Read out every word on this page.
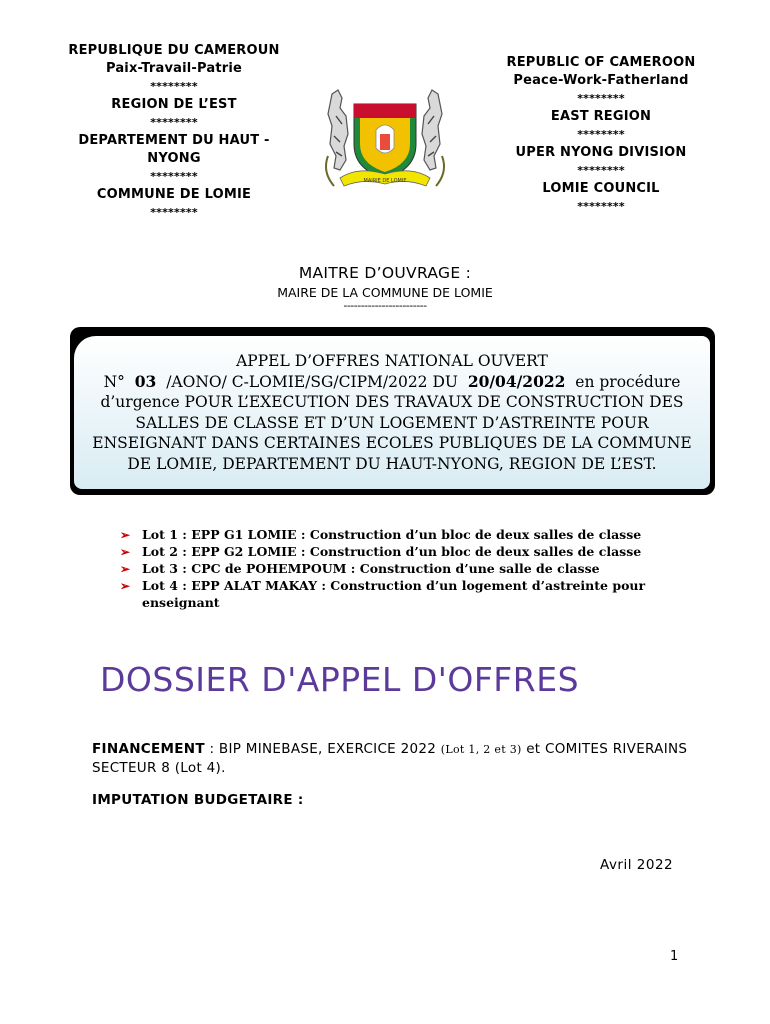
REPUBLIQUE DU CAMEROUN
Paix-Travail-Patrie
********
REGION DE L’EST
********
DEPARTEMENT DU HAUT -
NYONG
********
COMMUNE DE LOMIE
********
REPUBLIC OF CAMEROON
Peace-Work-Fatherland
********
EAST REGION
********
UPER NYONG DIVISION
********
LOMIE COUNCIL
********
MAIRIE DE LOMIE
MAITRE D’OUVRAGE :
MAIRE DE LA COMMUNE DE LOMIE
------------------------
APPEL D’OFFRES NATIONAL OUVERT
N° 03 /AONO/ C-LOMIE/SG/CIPM/2022 DU 20/04/2022 en procédure
d’urgence POUR L’EXECUTION DES TRAVAUX DE CONSTRUCTION DES
SALLES DE CLASSE ET D’UN LOGEMENT D’ASTREINTE POUR
ENSEIGNANT DANS CERTAINES ECOLES PUBLIQUES DE LA COMMUNE
DE LOMIE, DEPARTEMENT DU HAUT-NYONG, REGION DE L’EST.
➢ Lot 1 : EPP G1 LOMIE : Construction d’un bloc de deux salles de classe
➢ Lot 2 : EPP G2 LOMIE : Construction d’un bloc de deux salles de classe
➢ Lot 3 : CPC de POHEMPOUM : Construction d’une salle de classe
➢ Lot 4 : EPP ALAT MAKAY : Construction d’un logement d’astreinte pour enseignant
DOSSIER D'APPEL D'OFFRES
FINANCEMENT : BIP MINEBASE, EXERCICE 2022 (Lot 1, 2 et 3) et COMITES RIVERAINS SECTEUR 8 (Lot 4).
IMPUTATION BUDGETAIRE :
Avril 2022
1
